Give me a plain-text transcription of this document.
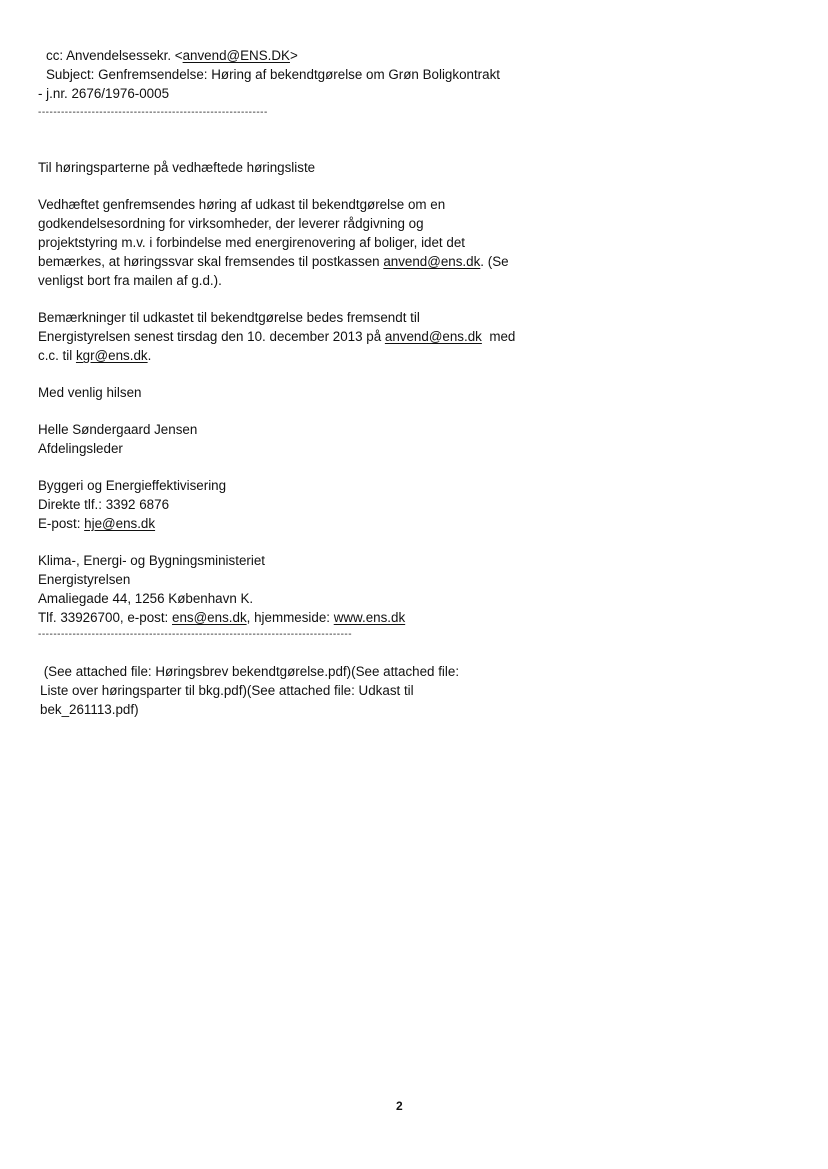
cc: Anvendelsessekr. <anvend@ENS.DK>
Subject: Genfremsendelse: Høring af bekendtgørelse om Grøn Boligkontrakt
- j.nr. 2676/1976-0005
------------------------------------------------------------
Til høringsparterne på vedhæftede høringsliste
Vedhæftet genfremsendes høring af udkast til bekendtgørelse om en
godkendelsesordning for virksomheder, der leverer rådgivning og
projektstyring m.v. i forbindelse med energirenovering af boliger, idet det
bemærkes, at høringssvar skal fremsendes til postkassen anvend@ens.dk. (Se
venligst bort fra mailen af g.d.).
Bemærkninger til udkastet til bekendtgørelse bedes fremsendt til
Energistyrelsen senest tirsdag den 10. december 2013 på anvend@ens.dk  med
c.c. til kgr@ens.dk.
Med venlig hilsen
Helle Søndergaard Jensen
Afdelingsleder
Byggeri og Energieffektivisering
Direkte tlf.: 3392 6876
E-post: hje@ens.dk
Klima-, Energi- og Bygningsministeriet
Energistyrelsen
Amaliegade 44, 1256 København K.
Tlf. 33926700, e-post: ens@ens.dk, hjemmeside: www.ens.dk
----------------------------------------------------------------------------------
(See attached file: Høringsbrev bekendtgørelse.pdf)(See attached file:
Liste over høringsparter til bkg.pdf)(See attached file: Udkast til
bek_261113.pdf)
2
